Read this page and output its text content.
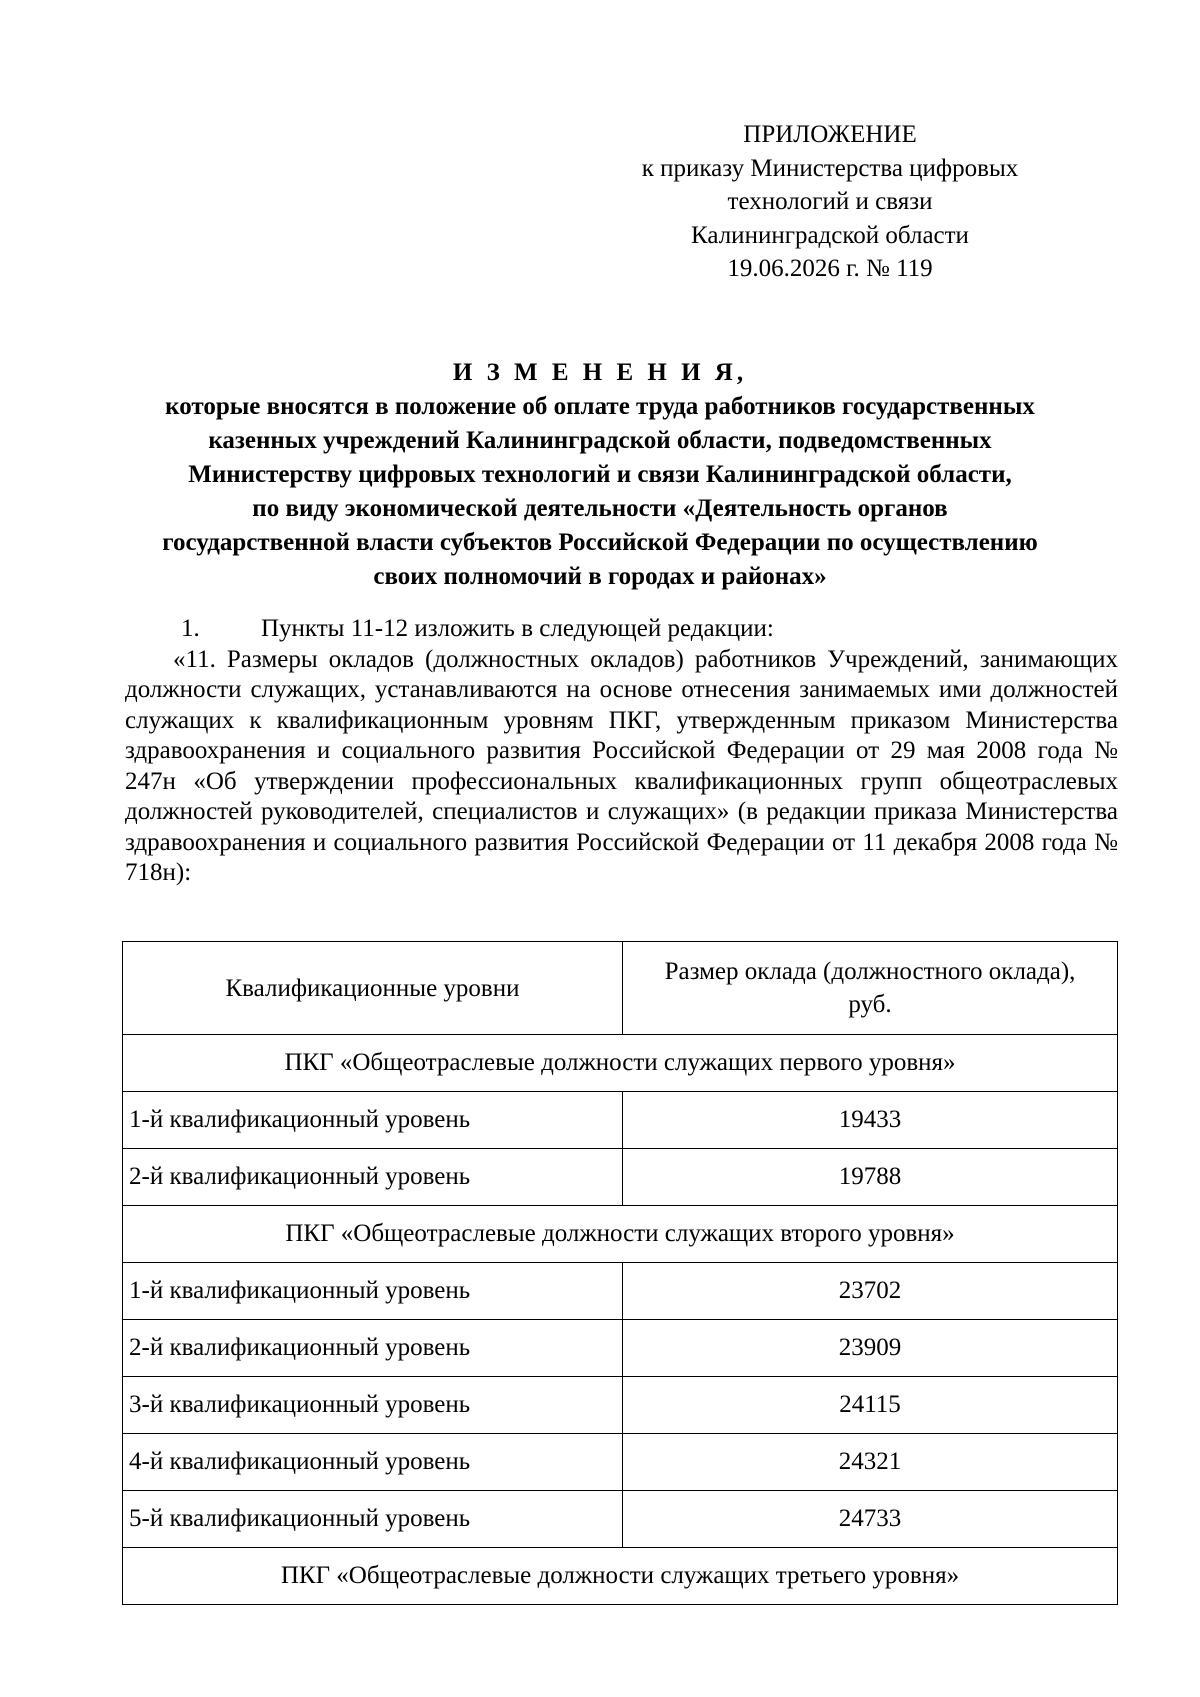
ПРИЛОЖЕНИЕ
к приказу Министерства цифровых
технологий и связи
Калининградской области
19.06.2026 г. № 119
И З М Е Н Е Н И Я,
которые вносятся в положение об оплате труда работников государственных
казенных учреждений Калининградской области, подведомственных
Министерству цифровых технологий и связи Калининградской области,
по виду экономической деятельности «Деятельность органов
государственной власти субъектов Российской Федерации по осуществлению
своих полномочий в городах и районах»
1. Пункты 11-12 изложить в следующей редакции:
«11. Размеры окладов (должностных окладов) работников Учреждений, занимающих должности служащих, устанавливаются на основе отнесения занимаемых ими должностей служащих к квалификационным уровням ПКГ, утвержденным приказом Министерства здравоохранения и социального развития Российской Федерации от 29 мая 2008 года № 247н «Об утверждении профессиональных квалификационных групп общеотраслевых должностей руководителей, специалистов и служащих» (в редакции приказа Министерства здравоохранения и социального развития Российской Федерации от 11 декабря 2008 года № 718н):
Квалификационные уровни	Размер оклада (должностного оклада),
руб.

ПКГ «Общеотраслевые должности служащих первого уровня»	
1-й квалификационный уровень	19433
2-й квалификационный уровень	19788
ПКГ «Общеотраслевые должности служащих второго уровня»	
1-й квалификационный уровень	23702
2-й квалификационный уровень	23909
3-й квалификационный уровень	24115
4-й квалификационный уровень	24321
5-й квалификационный уровень	24733
ПКГ «Общеотраслевые должности служащих третьего уровня»	
